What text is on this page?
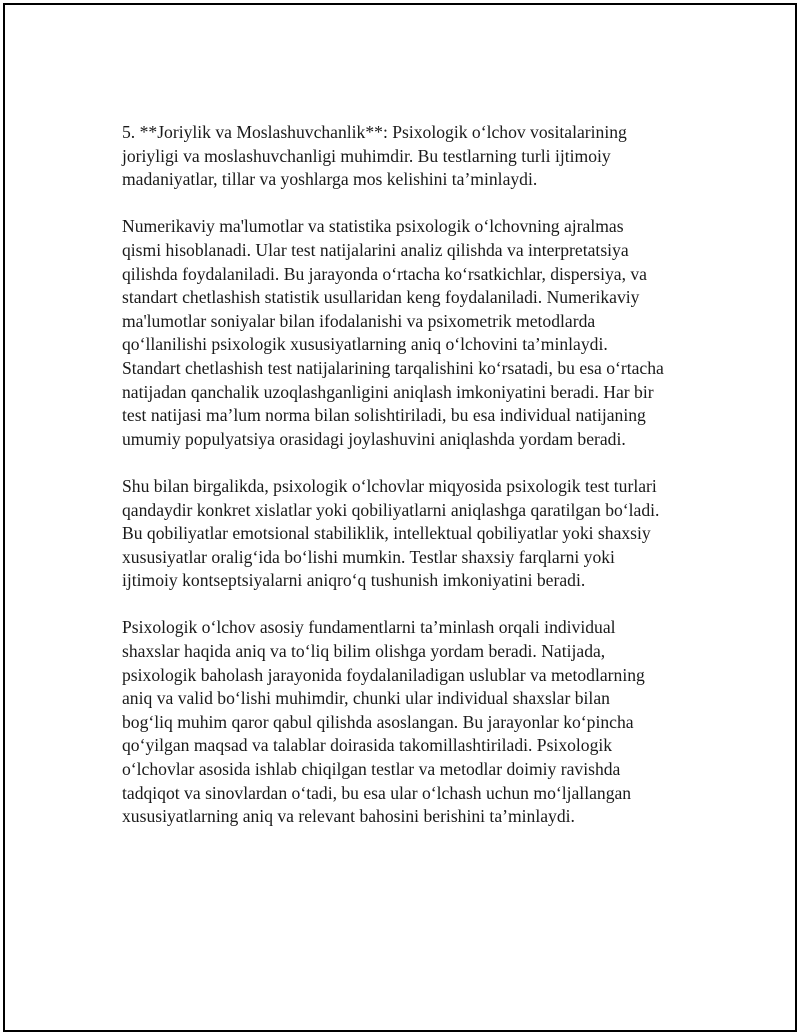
5. **Joriylik va Moslashuvchanlik**: Psixologik oʻlchov vositalarining
joriyligi va moslashuvchanligi muhimdir. Bu testlarning turli ijtimoiy
madaniyatlar, tillar va yoshlarga mos kelishini taʼminlaydi.

Numerikaviy ma'lumotlar va statistika psixologik oʻlchovning ajralmas
qismi hisoblanadi. Ular test natijalarini analiz qilishda va interpretatsiya
qilishda foydalaniladi. Bu jarayonda oʻrtacha koʻrsatkichlar, dispersiya, va
standart chetlashish statistik usullaridan keng foydalaniladi. Numerikaviy
ma'lumotlar soniyalar bilan ifodalanishi va psixometrik metodlarda
qoʻllanilishi psixologik xususiyatlarning aniq oʻlchovini taʼminlaydi.
Standart chetlashish test natijalarining tarqalishini koʻrsatadi, bu esa oʻrtacha
natijadan qanchalik uzoqlashganligini aniqlash imkoniyatini beradi. Har bir
test natijasi maʼlum norma bilan solishtiriladi, bu esa individual natijaning
umumiy populyatsiya orasidagi joylashuvini aniqlashda yordam beradi.

Shu bilan birgalikda, psixologik oʻlchovlar miqyosida psixologik test turlari
qandaydir konkret xislatlar yoki qobiliyatlarni aniqlashga qaratilgan boʻladi.
Bu qobiliyatlar emotsional stabiliklik, intellektual qobiliyatlar yoki shaxsiy
xususiyatlar oraligʻida boʻlishi mumkin. Testlar shaxsiy farqlarni yoki
ijtimoiy kontseptsiyalarni aniqroʻq tushunish imkoniyatini beradi.

Psixologik oʻlchov asosiy fundamentlarni taʼminlash orqali individual
shaxslar haqida aniq va toʻliq bilim olishga yordam beradi. Natijada,
psixologik baholash jarayonida foydalaniladigan uslublar va metodlarning
aniq va valid boʻlishi muhimdir, chunki ular individual shaxslar bilan
bogʻliq muhim qaror qabul qilishda asoslangan. Bu jarayonlar koʻpincha
qoʻyilgan maqsad va talablar doirasida takomillashtiriladi. Psixologik
oʻlchovlar asosida ishlab chiqilgan testlar va metodlar doimiy ravishda
tadqiqot va sinovlardan oʻtadi, bu esa ular oʻlchash uchun moʻljallangan
xususiyatlarning aniq va relevant bahosini berishini taʼminlaydi.
